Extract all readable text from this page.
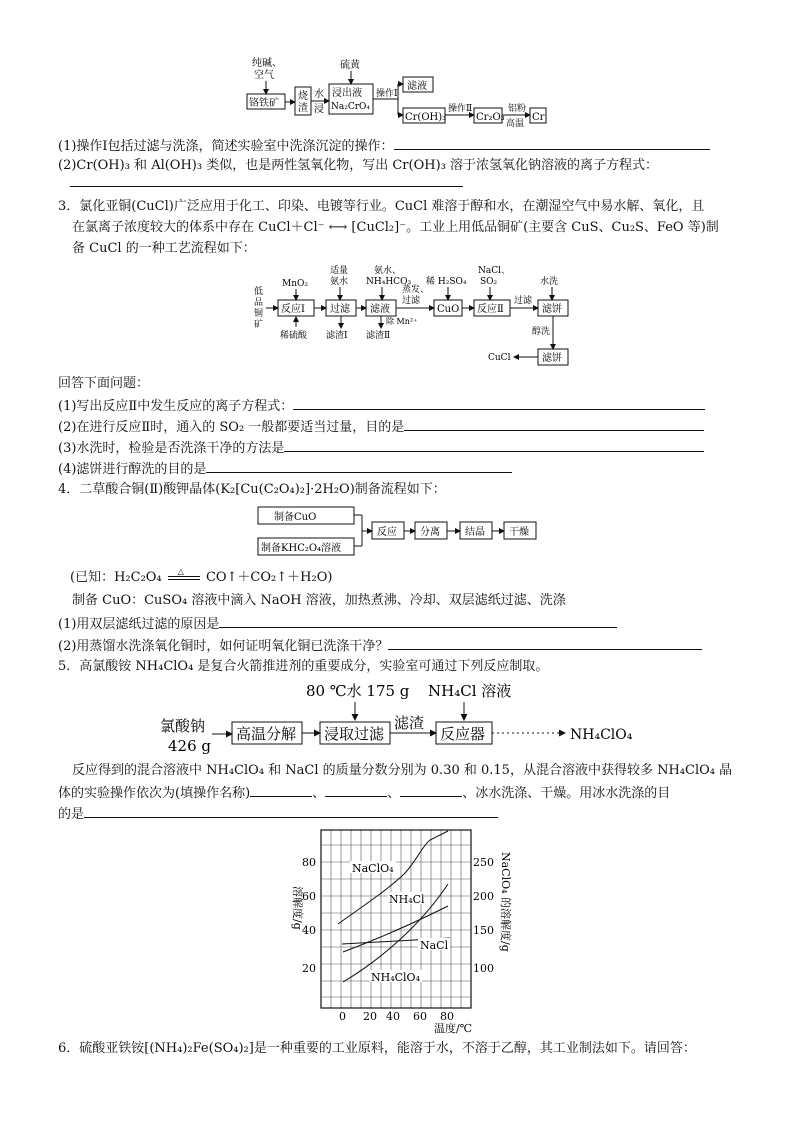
纯碱、
空气
铬铁矿
烧
渣
水
浸
硫黄
浸出液
Na₂CrO₄
操作Ⅰ
滤液
Cr(OH)₃
操作Ⅱ
Cr₂O₃
铝粉
高温
Cr
(1)操作Ⅰ包括过滤与洗涤，简述实验室中洗涤沉淀的操作：
(2)Cr(OH)₃ 和 Al(OH)₃ 类似，也是两性氢氧化物，写出 Cr(OH)₃ 溶于浓氢氧化钠溶液的离子方程式：
3．氯化亚铜(CuCl)广泛应用于化工、印染、电镀等行业。CuCl 难溶于醇和水，在潮湿空气中易水解、氧化，且
在氯离子浓度较大的体系中存在 CuCl＋Cl⁻ ⟷ [CuCl₂]⁻。工业上用低品铜矿(主要含 CuS、Cu₂S、FeO 等)制
备 CuCl 的一种工艺流程如下：
低
品
铜
矿
MnO₂
反应Ⅰ
稀硫酸
适量
氨水
过滤
滤渣Ⅰ
氨水、
NH₄HCO₃
滤液
除 Mn²⁺
滤渣Ⅱ
蒸发、
过滤
稀 H₂SO₄
CuO
NaCl、
SO₂
反应Ⅱ
过滤
水洗
滤饼
醇洗
滤饼
CuCl
回答下面问题：
(1)写出反应Ⅱ中发生反应的离子方程式：
(2)在进行反应Ⅱ时，通入的 SO₂ 一般都要适当过量，目的是
(3)水洗时，检验是否洗涤干净的方法是
(4)滤饼进行醇洗的目的是
4．二草酸合铜(Ⅱ)酸钾晶体(K₂[Cu(C₂O₄)₂]·2H₂O)制备流程如下：
制备CuO
制备KHC₂O₄溶液
反应 分离	结晶 干燥
(已知：H₂C₂O₄ △ CO↑＋CO₂↑＋H₂O)
制备 CuO：CuSO₄ 溶液中滴入 NaOH 溶液，加热煮沸、冷却、双层滤纸过滤、洗涤
(1)用双层滤纸过滤的原因是
(2)用蒸馏水洗涤氧化铜时，如何证明氧化铜已洗涤干净？
5．高氯酸铵 NH₄ClO₄ 是复合火箭推进剂的重要成分，实验室可通过下列反应制取。
80 ℃水 175 g NH₄Cl 溶液
氯酸钠
426 g
高温分解 浸取过滤
滤渣
反应器	NH₄ClO₄
反应得到的混合溶液中 NH₄ClO₄ 和 NaCl 的质量分数分别为 0.30 和 0.15，从混合溶液中获得较多 NH₄ClO₄ 晶
体的实验操作依次为(填操作名称)	、	、	、冰水洗涤、干燥。用冰水洗涤的目
的是
80
60
40
20
250
200
150
100
0 20 40 60 80
温度/℃
溶解度/g	NaClO₄ 的溶解度/g
NaClO₄
NH₄Cl
NaCl
NH₄ClO₄
6．硫酸亚铁铵[(NH₄)₂Fe(SO₄)₂]是一种重要的工业原料，能溶于水，不溶于乙醇，其工业制法如下。请回答：
